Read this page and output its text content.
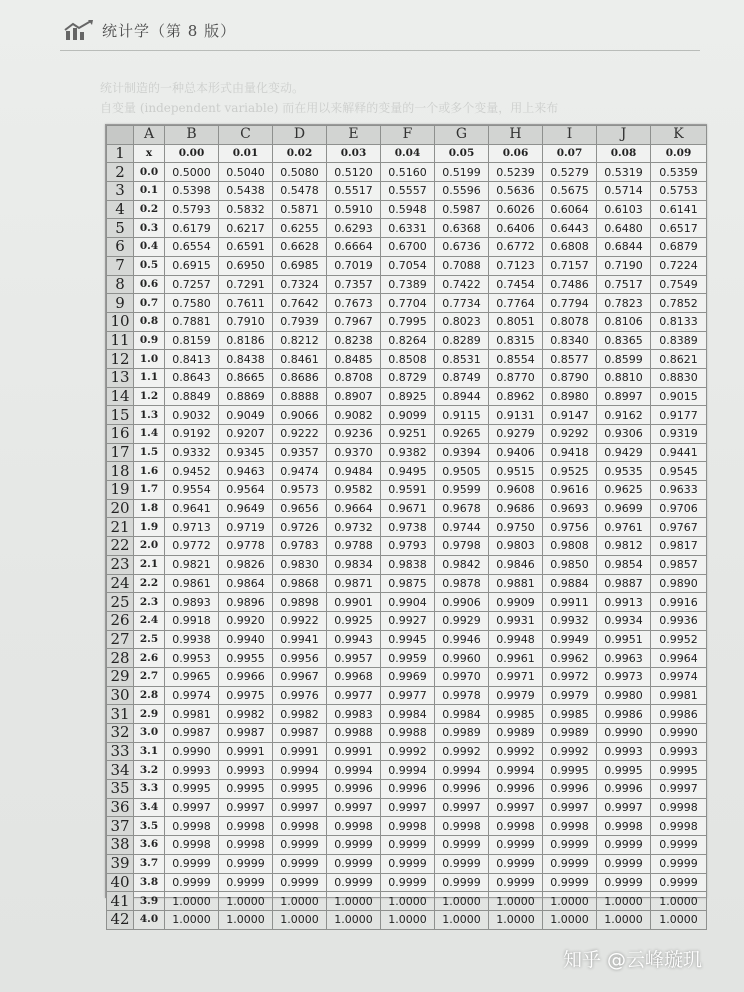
统计学（第 8 版）
统计制造的一种总本形式由量化变动。
自变量 (independent variable) 而在用以来解释的变量的一个或多个变量，用上来布
	A	B	C	D	E	F	G	H	I	J	K
1	x	0.00	0.01	0.02	0.03	0.04	0.05	0.06	0.07	0.08	0.09
2	0.0	0.5000	0.5040	0.5080	0.5120	0.5160	0.5199	0.5239	0.5279	0.5319	0.5359
3	0.1	0.5398	0.5438	0.5478	0.5517	0.5557	0.5596	0.5636	0.5675	0.5714	0.5753
4	0.2	0.5793	0.5832	0.5871	0.5910	0.5948	0.5987	0.6026	0.6064	0.6103	0.6141
5	0.3	0.6179	0.6217	0.6255	0.6293	0.6331	0.6368	0.6406	0.6443	0.6480	0.6517
6	0.4	0.6554	0.6591	0.6628	0.6664	0.6700	0.6736	0.6772	0.6808	0.6844	0.6879
7	0.5	0.6915	0.6950	0.6985	0.7019	0.7054	0.7088	0.7123	0.7157	0.7190	0.7224
8	0.6	0.7257	0.7291	0.7324	0.7357	0.7389	0.7422	0.7454	0.7486	0.7517	0.7549
9	0.7	0.7580	0.7611	0.7642	0.7673	0.7704	0.7734	0.7764	0.7794	0.7823	0.7852
10	0.8	0.7881	0.7910	0.7939	0.7967	0.7995	0.8023	0.8051	0.8078	0.8106	0.8133
11	0.9	0.8159	0.8186	0.8212	0.8238	0.8264	0.8289	0.8315	0.8340	0.8365	0.8389
12	1.0	0.8413	0.8438	0.8461	0.8485	0.8508	0.8531	0.8554	0.8577	0.8599	0.8621
13	1.1	0.8643	0.8665	0.8686	0.8708	0.8729	0.8749	0.8770	0.8790	0.8810	0.8830
14	1.2	0.8849	0.8869	0.8888	0.8907	0.8925	0.8944	0.8962	0.8980	0.8997	0.9015
15	1.3	0.9032	0.9049	0.9066	0.9082	0.9099	0.9115	0.9131	0.9147	0.9162	0.9177
16	1.4	0.9192	0.9207	0.9222	0.9236	0.9251	0.9265	0.9279	0.9292	0.9306	0.9319
17	1.5	0.9332	0.9345	0.9357	0.9370	0.9382	0.9394	0.9406	0.9418	0.9429	0.9441
18	1.6	0.9452	0.9463	0.9474	0.9484	0.9495	0.9505	0.9515	0.9525	0.9535	0.9545
19	1.7	0.9554	0.9564	0.9573	0.9582	0.9591	0.9599	0.9608	0.9616	0.9625	0.9633
20	1.8	0.9641	0.9649	0.9656	0.9664	0.9671	0.9678	0.9686	0.9693	0.9699	0.9706
21	1.9	0.9713	0.9719	0.9726	0.9732	0.9738	0.9744	0.9750	0.9756	0.9761	0.9767
22	2.0	0.9772	0.9778	0.9783	0.9788	0.9793	0.9798	0.9803	0.9808	0.9812	0.9817
23	2.1	0.9821	0.9826	0.9830	0.9834	0.9838	0.9842	0.9846	0.9850	0.9854	0.9857
24	2.2	0.9861	0.9864	0.9868	0.9871	0.9875	0.9878	0.9881	0.9884	0.9887	0.9890
25	2.3	0.9893	0.9896	0.9898	0.9901	0.9904	0.9906	0.9909	0.9911	0.9913	0.9916
26	2.4	0.9918	0.9920	0.9922	0.9925	0.9927	0.9929	0.9931	0.9932	0.9934	0.9936
27	2.5	0.9938	0.9940	0.9941	0.9943	0.9945	0.9946	0.9948	0.9949	0.9951	0.9952
28	2.6	0.9953	0.9955	0.9956	0.9957	0.9959	0.9960	0.9961	0.9962	0.9963	0.9964
29	2.7	0.9965	0.9966	0.9967	0.9968	0.9969	0.9970	0.9971	0.9972	0.9973	0.9974
30	2.8	0.9974	0.9975	0.9976	0.9977	0.9977	0.9978	0.9979	0.9979	0.9980	0.9981
31	2.9	0.9981	0.9982	0.9982	0.9983	0.9984	0.9984	0.9985	0.9985	0.9986	0.9986
32	3.0	0.9987	0.9987	0.9987	0.9988	0.9988	0.9989	0.9989	0.9989	0.9990	0.9990
33	3.1	0.9990	0.9991	0.9991	0.9991	0.9992	0.9992	0.9992	0.9992	0.9993	0.9993
34	3.2	0.9993	0.9993	0.9994	0.9994	0.9994	0.9994	0.9994	0.9995	0.9995	0.9995
35	3.3	0.9995	0.9995	0.9995	0.9996	0.9996	0.9996	0.9996	0.9996	0.9996	0.9997
36	3.4	0.9997	0.9997	0.9997	0.9997	0.9997	0.9997	0.9997	0.9997	0.9997	0.9998
37	3.5	0.9998	0.9998	0.9998	0.9998	0.9998	0.9998	0.9998	0.9998	0.9998	0.9998
38	3.6	0.9998	0.9998	0.9999	0.9999	0.9999	0.9999	0.9999	0.9999	0.9999	0.9999
39	3.7	0.9999	0.9999	0.9999	0.9999	0.9999	0.9999	0.9999	0.9999	0.9999	0.9999
40	3.8	0.9999	0.9999	0.9999	0.9999	0.9999	0.9999	0.9999	0.9999	0.9999	0.9999
41	3.9	1.0000	1.0000	1.0000	1.0000	1.0000	1.0000	1.0000	1.0000	1.0000	1.0000
42	4.0	1.0000	1.0000	1.0000	1.0000	1.0000	1.0000	1.0000	1.0000	1.0000	1.0000
知乎 @云峰璇玑
